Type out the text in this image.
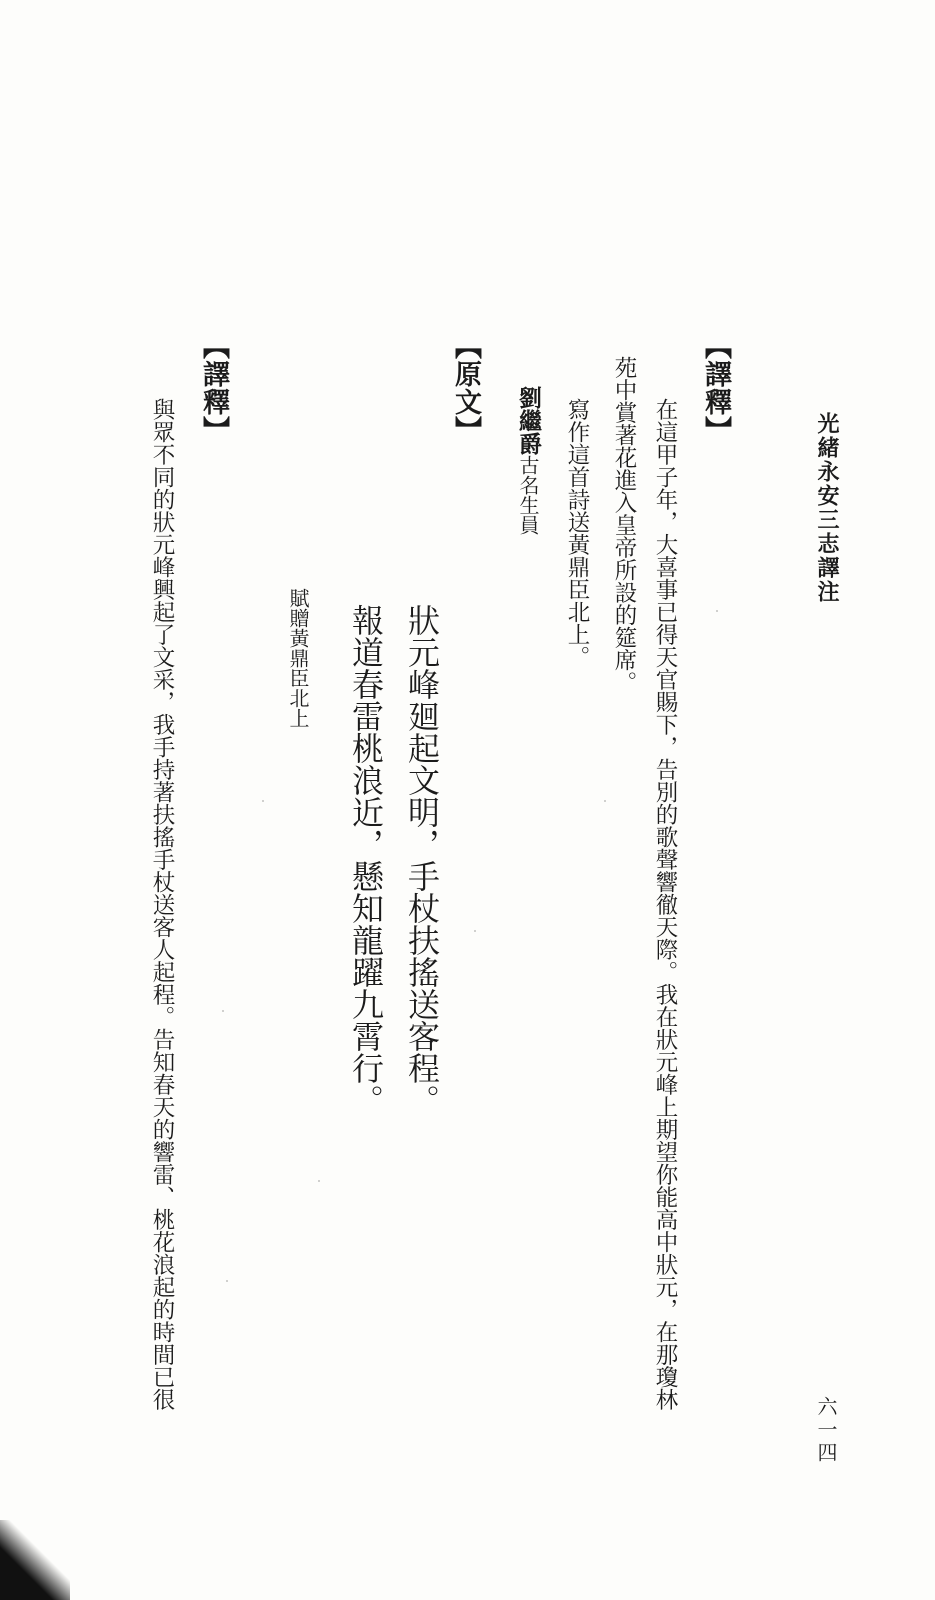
光緒永安三志譯注
六一四
【譯釋】
在這甲子年，大喜事已得天官賜下，告別的歌聲響徹天際。我在狀元峰上期望你能高中狀元，在那瓊林
苑中賞著花進入皇帝所設的筵席。
寫作這首詩送黃鼎臣北上。
劉繼爵古名生員
【原文】
狀元峰廻起文明，手杖扶搖送客程。
報道春雷桃浪近，懸知龍躍九霄行。
賦贈黃鼎臣北上
【譯釋】
與眾不同的狀元峰興起了文采，我手持著扶搖手杖送客人起程。告知春天的響雷、桃花浪起的時間已很
